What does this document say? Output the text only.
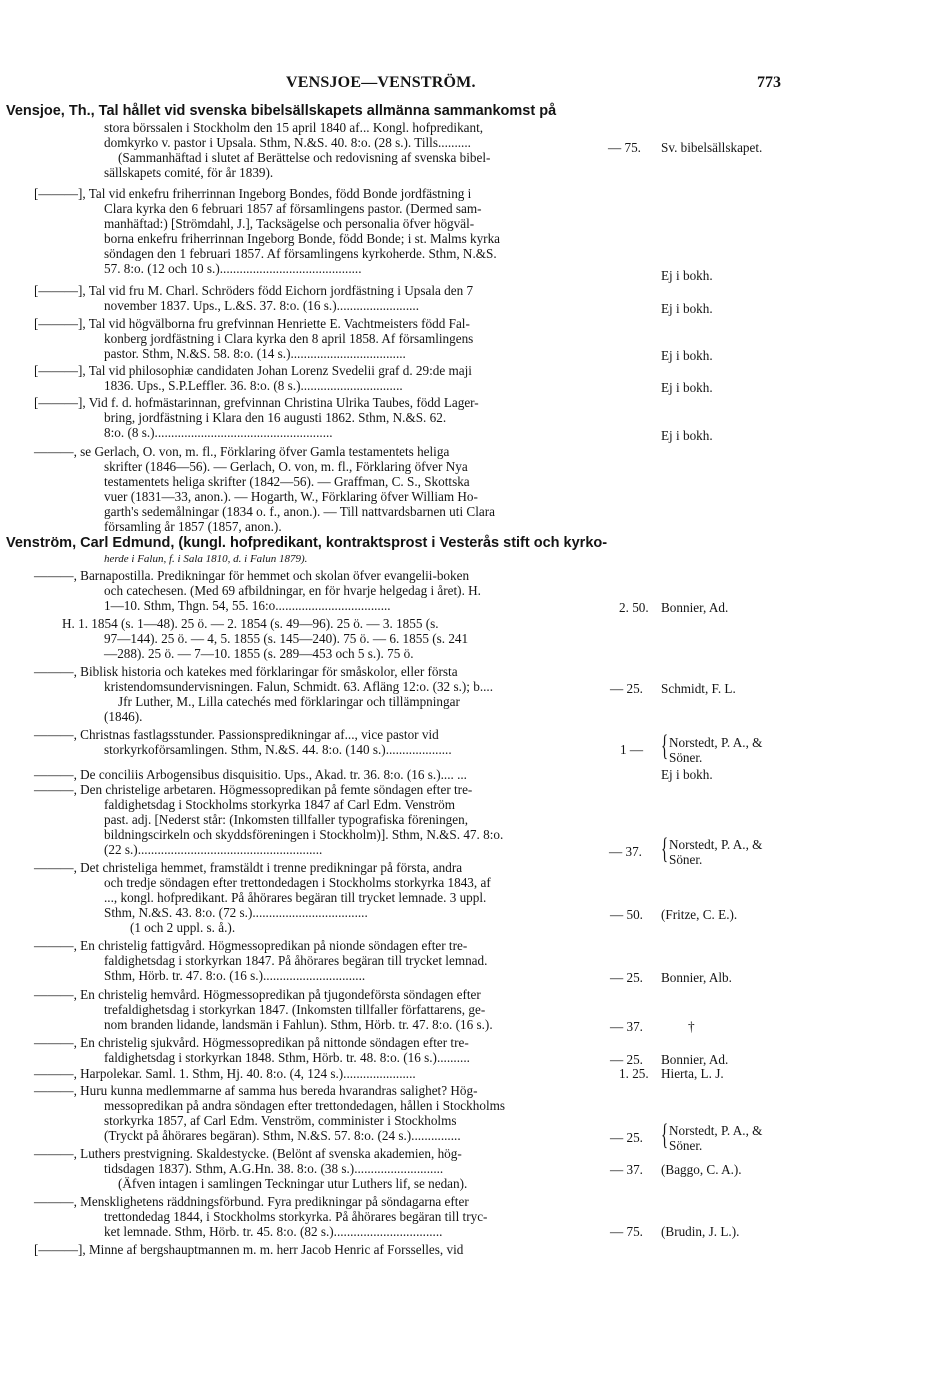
VENSJOE—VENSTRÖM.	773
Vensjoe, Th., Tal hållet vid svenska bibelsällskapets allmänna sammankomst på
stora börssalen i Stockholm den 15 april 1840 af... Kongl. hofpredikant,
domkyrko v. pastor i Upsala. Sthm, N.&S. 40. 8:o. (28 s.). Tills..........	— 75. Sv. bibelsällskapet.
(Sammanhäftad i slutet af Berättelse och redovisning af svenska bibel-
sällskapets comité, för år 1839).
[———], Tal vid enkefru friherrinnan Ingeborg Bondes, född Bonde jordfästning i
Clara kyrka den 6 februari 1857 af församlingens pastor. (Dermed sam-
manhäftad:) [Strömdahl, J.], Tacksägelse och personalia öfver högväl-
borna enkefru friherrinnan Ingeborg Bonde, född Bonde; i st. Malms kyrka
söndagen den 1 februari 1857. Af församlingens kyrkoherde. Sthm, N.&S.
57. 8:o. (12 och 10 s.)...........................................	Ej i bokh.
[———], Tal vid fru M. Charl. Schröders född Eichorn jordfästning i Upsala den 7
november 1837. Ups., L.&S. 37. 8:o. (16 s.).........................	Ej i bokh.
[———], Tal vid högvälborna fru grefvinnan Henriette E. Vachtmeisters född Fal-
konberg jordfästning i Clara kyrka den 8 april 1858. Af församlingens
pastor. Sthm, N.&S. 58. 8:o. (14 s.)...................................	Ej i bokh.
[———], Tal vid philosophiæ candidaten Johan Lorenz Svedelii graf d. 29:de maji
1836. Ups., S.P.Leffler. 36. 8:o. (8 s.)...............................	Ej i bokh.
[———], Vid f. d. hofmästarinnan, grefvinnan Christina Ulrika Taubes, född Lager-
bring, jordfästning i Klara den 16 augusti 1862. Sthm, N.&S. 62.
8:o. (8 s.)......................................................	Ej i bokh.
———, se Gerlach, O. von, m. fl., Förklaring öfver Gamla testamentets heliga
skrifter (1846—56). — Gerlach, O. von, m. fl., Förklaring öfver Nya
testamentets heliga skrifter (1842—56). — Graffman, C. S., Skottska
vuer (1831—33, anon.). — Hogarth, W., Förklaring öfver William Ho-
garth's sedemålningar (1834 o. f., anon.). — Till nattvardsbarnen uti Clara
församling år 1857 (1857, anon.).
Venström, Carl Edmund, (kungl. hofpredikant, kontraktsprost i Vesterås stift och kyrko-
herde i Falun, f. i Sala 1810, d. i Falun 1879).
———, Barnapostilla. Predikningar för hemmet och skolan öfver evangelii-boken
och catechesen. (Med 69 afbildningar, en för hvarje helgedag i året). H.
1—10. Sthm, Thgn. 54, 55. 16:o...................................	2. 50. Bonnier, Ad.
H. 1. 1854 (s. 1—48). 25 ö. — 2. 1854 (s. 49—96). 25 ö. — 3. 1855 (s.
97—144). 25 ö. — 4, 5. 1855 (s. 145—240). 75 ö. — 6. 1855 (s. 241
—288). 25 ö. — 7—10. 1855 (s. 289—453 och 5 s.). 75 ö.
———, Biblisk historia och katekes med förklaringar för småskolor, eller första
kristendomsundervisningen. Falun, Schmidt. 63. Afläng 12:o. (32 s.); b....	— 25. Schmidt, F. L.
Jfr Luther, M., Lilla catechés med förklaringar och tillämpningar
(1846).
———, Christnas fastlagsstunder. Passionspredikningar af..., vice pastor vid
storkyrkoförsamlingen. Sthm, N.&S. 44. 8:o. (140 s.)....................	1 — { Norstedt, P. A., & Söner.
———, De conciliis Arbogensibus disquisitio. Ups., Akad. tr. 36. 8:o. (16 s.).... ...	Ej i bokh.
———, Den christelige arbetaren. Högmessopredikan på femte söndagen efter tre-
faldighetsdag i Stockholms storkyrka 1847 af Carl Edm. Venström
past. adj. [Nederst står: (Inkomsten tillfaller typografiska föreningen,
bildningscirkeln och skyddsföreningen i Stockholm)]. Sthm, N.&S. 47. 8:o.
(22 s.)........................................................	— 37. { Norstedt, P. A., & Söner.
———, Det christeliga hemmet, framstäldt i trenne predikningar på första, andra
och tredje söndagen efter trettondedagen i Stockholms storkyrka 1843, af
..., kongl. hofpredikant. På åhörares begäran till trycket lemnade. 3 uppl.
Sthm, N.&S. 43. 8:o. (72 s.)...................................	— 50. (Fritze, C. E.).
(1 och 2 uppl. s. å.).
———, En christelig fattigvård. Högmessopredikan på nionde söndagen efter tre-
faldighetsdag i storkyrkan 1847. På åhörares begäran till trycket lemnad.
Sthm, Hörb. tr. 47. 8:o. (16 s.)...............................	— 25. Bonnier, Alb.
———, En christelig hemvård. Högmessopredikan på tjugondeförsta söndagen efter
trefaldighetsdag i storkyrkan 1847. (Inkomsten tillfaller författarens, ge-
nom branden lidande, landsmän i Fahlun). Sthm, Hörb. tr. 47. 8:o. (16 s.).	— 37.	†
———, En christelig sjukvård. Högmessopredikan på nittonde söndagen efter tre-
faldighetsdag i storkyrkan 1848. Sthm, Hörb. tr. 48. 8:o. (16 s.)..........	— 25. Bonnier, Ad.
———, Harpolekar. Saml. 1. Sthm, Hj. 40. 8:o. (4, 124 s.)......................	1. 25. Hierta, L. J.
———, Huru kunna medlemmarne af samma hus bereda hvarandras salighet? Hög-
messopredikan på andra söndagen efter trettondedagen, hållen i Stockholms
storkyrka 1857, af Carl Edm. Venström, comminister i Stockholms
(Tryckt på åhörares begäran). Sthm, N.&S. 57. 8:o. (24 s.)...............	— 25. { Norstedt, P. A., & Söner.
———, Luthers prestvigning. Skaldestycke. (Belönt af svenska akademien, hög-
tidsdagen 1837). Sthm, A.G.Hn. 38. 8:o. (38 s.)...........................	— 37. (Baggo, C. A.).
(Äfven intagen i samlingen Teckningar utur Luthers lif, se nedan).
———, Mensklighetens räddningsförbund. Fyra predikningar på söndagarna efter
trettondedag 1844, i Stockholms storkyrka. På åhörares begäran till tryc-
ket lemnade. Sthm, Hörb. tr. 45. 8:o. (82 s.).................................	— 75. (Brudin, J. L.).
[———], Minne af bergshauptmannen m. m. herr Jacob Henric af Forsselles, vid
